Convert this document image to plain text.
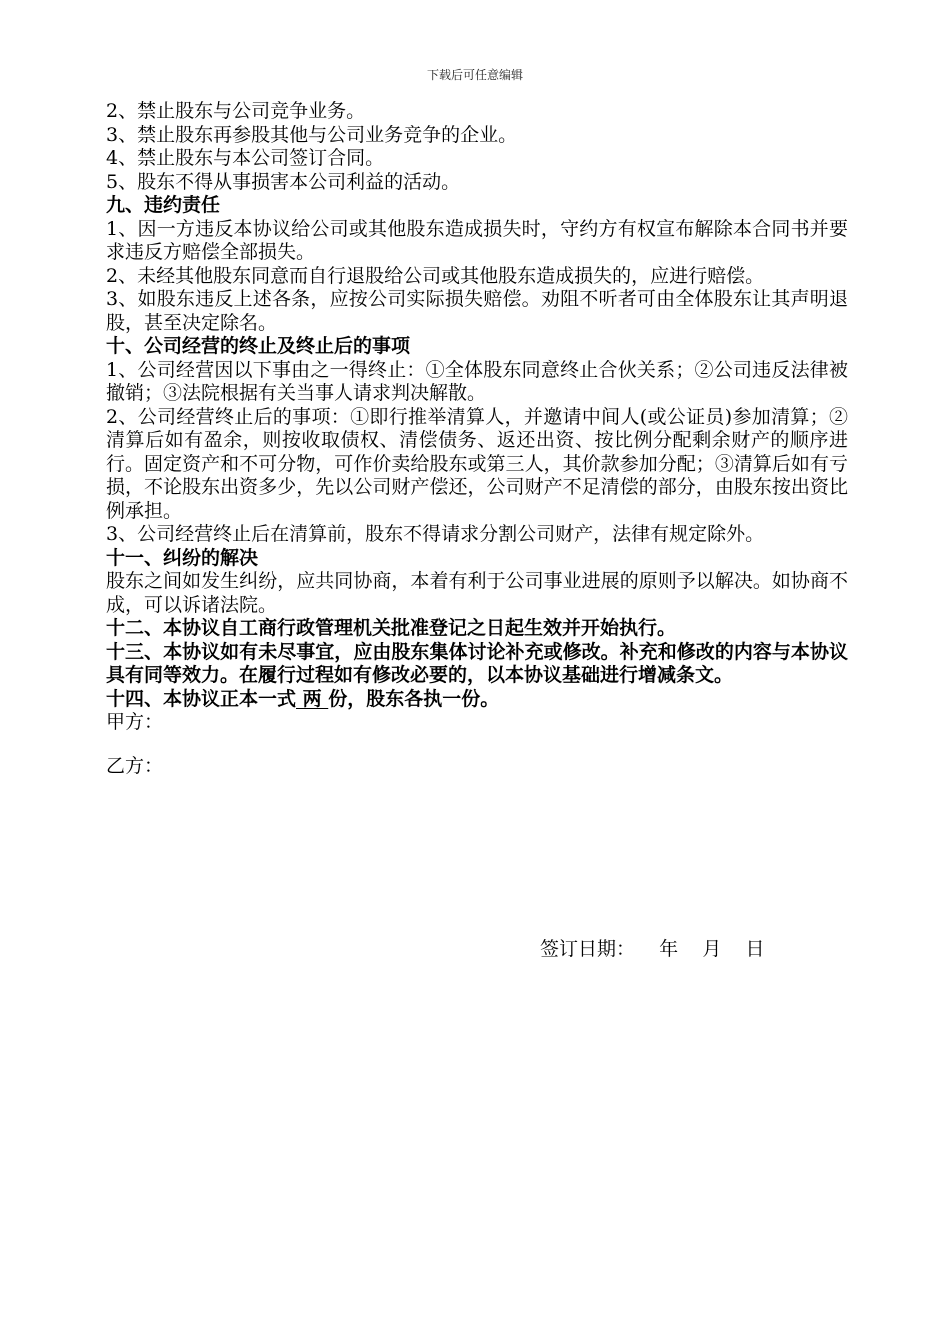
下载后可任意编辑

2、禁止股东与公司竞争业务。

3、禁止股东再参股其他与公司业务竞争的企业。

4、禁止股东与本公司签订合同。

5、股东不得从事损害本公司利益的活动。

九、违约责任

1、因一方违反本协议给公司或其他股东造成损失时，守约方有权宣布解除本合同书并要求违反方赔偿全部损失。

2、未经其他股东同意而自行退股给公司或其他股东造成损失的，应进行赔偿。

3、如股东违反上述各条，应按公司实际损失赔偿。劝阻不听者可由全体股东让其声明退股，甚至决定除名。

十、公司经营的终止及终止后的事项

1、公司经营因以下事由之一得终止：①全体股东同意终止合伙关系；②公司违反法律被撤销；③法院根据有关当事人请求判决解散。

2、公司经营终止后的事项：①即行推举清算人，并邀请中间人(或公证员)参加清算；②清算后如有盈余，则按收取债权、清偿债务、返还出资、按比例分配剩余财产的顺序进行。固定资产和不可分物，可作价卖给股东或第三人，其价款参加分配；③清算后如有亏损，不论股东出资多少，先以公司财产偿还，公司财产不足清偿的部分，由股东按出资比例承担。

3、公司经营终止后在清算前，股东不得请求分割公司财产，法律有规定除外。

十一、纠纷的解决

股东之间如发生纠纷，应共同协商，本着有利于公司事业进展的原则予以解决。如协商不成，可以诉诸法院。

十二、本协议自工商行政管理机关批准登记之日起生效并开始执行。

十三、本协议如有未尽事宜，应由股东集体讨论补充或修改。补充和修改的内容与本协议具有同等效力。在履行过程如有修改必要的，以本协议基础进行增减条文。

十四、本协议正本一式 两 份，股东各执一份。

甲方：

乙方：

签订日期：    年    月    日
